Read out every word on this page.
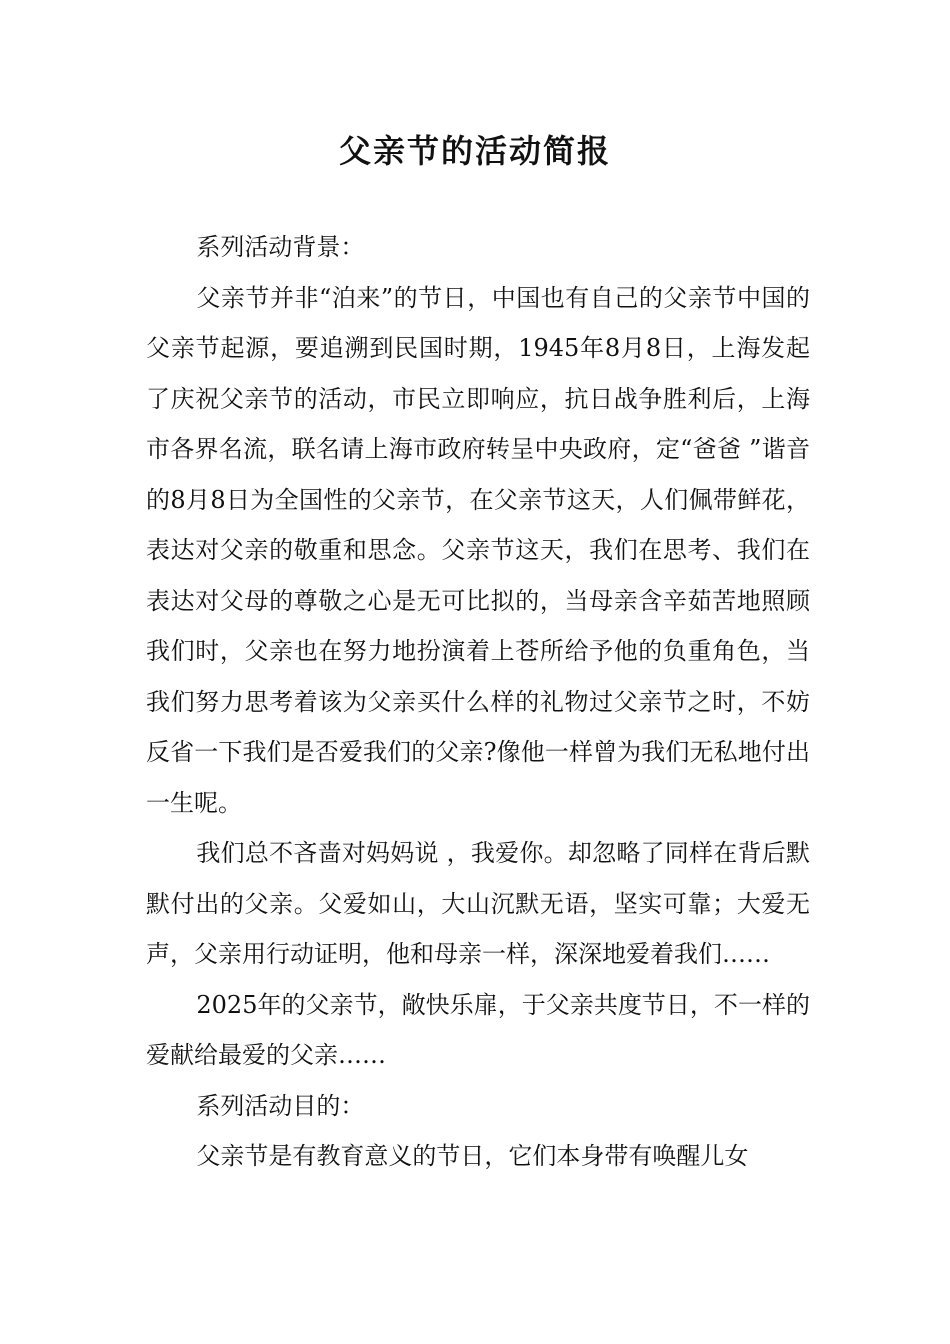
父亲节的活动简报

系列活动背景：

父亲节并非“泊来”的节日，中国也有自己的父亲节中国的父亲节起源，要追溯到民国时期，1945年8月8日，上海发起了庆祝父亲节的活动，市民立即响应，抗日战争胜利后，上海市各界名流，联名请上海市政府转呈中央政府，定“爸爸 ”谐音的8月8日为全国性的父亲节，在父亲节这天，人们佩带鲜花，表达对父亲的敬重和思念。父亲节这天，我们在思考、我们在表达对父母的尊敬之心是无可比拟的，当母亲含辛茹苦地照顾我们时，父亲也在努力地扮演着上苍所给予他的负重角色，当我们努力思考着该为父亲买什么样的礼物过父亲节之时，不妨反省一下我们是否爱我们的父亲?像他一样曾为我们无私地付出一生呢。

我们总不吝啬对妈妈说 ，我爱你。却忽略了同样在背后默默付出的父亲。父爱如山，大山沉默无语，坚实可靠；大爱无声，父亲用行动证明，他和母亲一样，深深地爱着我们……

2025年的父亲节，敞快乐扉，于父亲共度节日，不一样的爱献给最爱的父亲……

系列活动目的：

父亲节是有教育意义的节日，它们本身带有唤醒儿女
